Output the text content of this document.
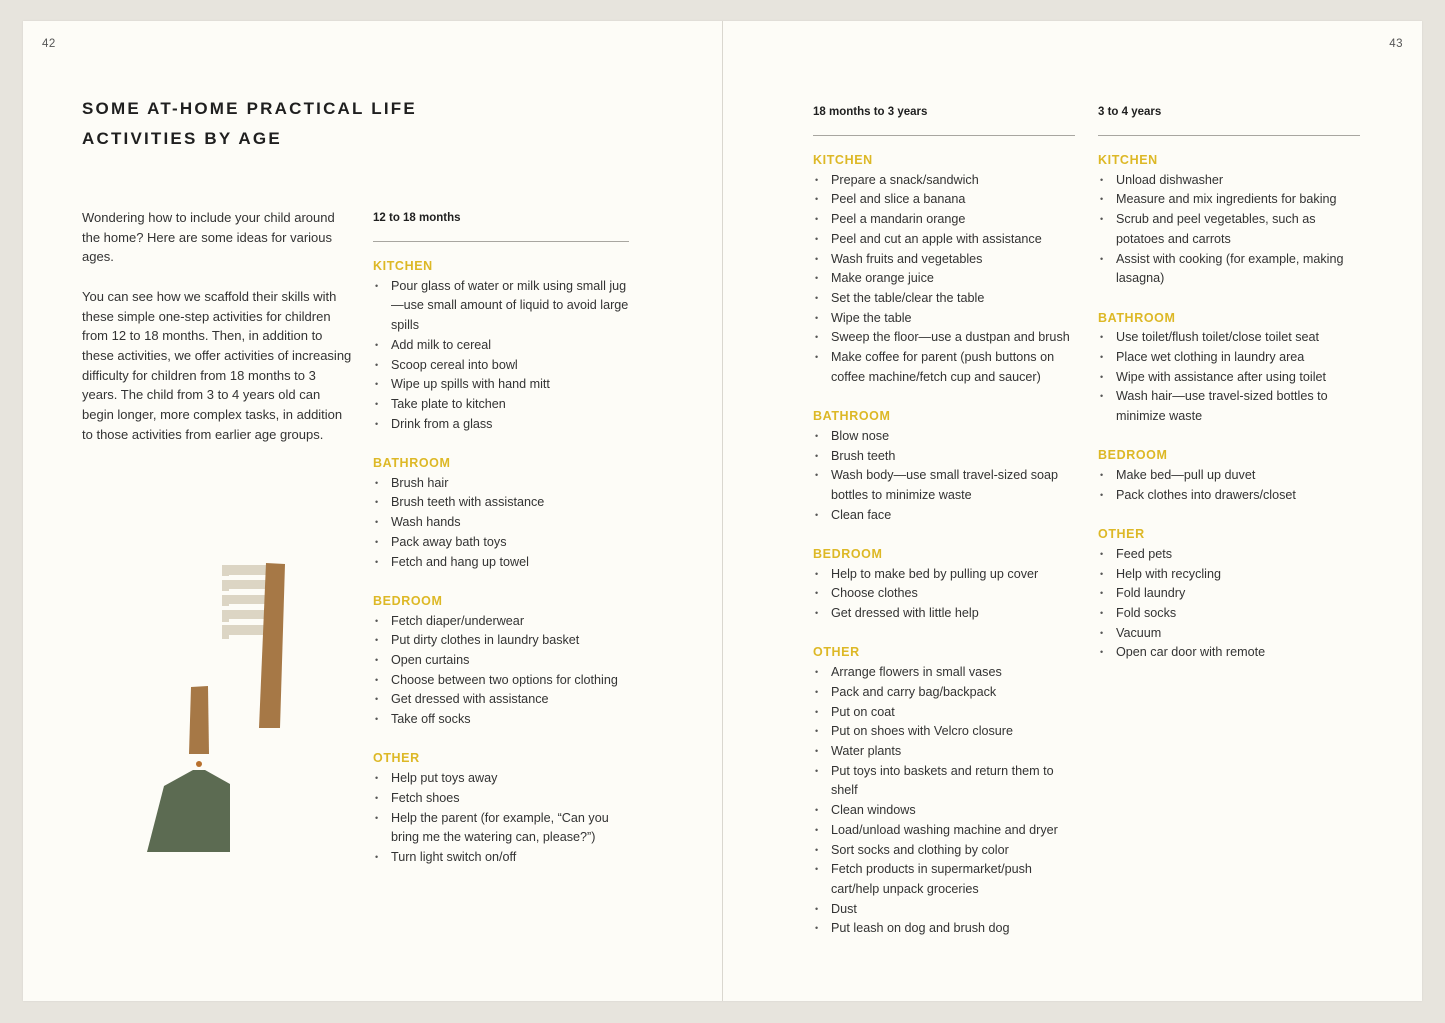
42	43
SOME AT-HOME PRACTICAL LIFE
ACTIVITIES BY AGE

Wondering how to include your child around the home? Here are some ideas for various ages.

You can see how we scaffold their skills with these simple one-step activities for children from 12 to 18 months. Then, in addition to these activities, we offer activities of increasing difficulty for children from 18 months to 3 years. The child from 3 to 4 years old can begin longer, more complex tasks, in addition to those activities from earlier age groups.

12 to 18 months
KITCHEN
• Pour glass of water or milk using small jug—use small amount of liquid to avoid large spills
• Add milk to cereal
• Scoop cereal into bowl
• Wipe up spills with hand mitt
• Take plate to kitchen
• Drink from a glass
BATHROOM
• Brush hair
• Brush teeth with assistance
• Wash hands
• Pack away bath toys
• Fetch and hang up towel
BEDROOM
• Fetch diaper/underwear
• Put dirty clothes in laundry basket
• Open curtains
• Choose between two options for clothing
• Get dressed with assistance
• Take off socks
OTHER
• Help put toys away
• Fetch shoes
• Help the parent (for example, “Can you bring me the watering can, please?”)
• Turn light switch on/off
18 months to 3 years
KITCHEN
• Prepare a snack/sandwich
• Peel and slice a banana
• Peel a mandarin orange
• Peel and cut an apple with assistance
• Wash fruits and vegetables
• Make orange juice
• Set the table/clear the table
• Wipe the table
• Sweep the floor—use a dustpan and brush
• Make coffee for parent (push buttons on coffee machine/fetch cup and saucer)
BATHROOM
• Blow nose
• Brush teeth
• Wash body—use small travel-sized soap bottles to minimize waste
• Clean face
BEDROOM
• Help to make bed by pulling up cover
• Choose clothes
• Get dressed with little help
OTHER
• Arrange flowers in small vases
• Pack and carry bag/backpack
• Put on coat
• Put on shoes with Velcro closure
• Water plants
• Put toys into baskets and return them to shelf
• Clean windows
• Load/unload washing machine and dryer
• Sort socks and clothing by color
• Fetch products in supermarket/push cart/help unpack groceries
• Dust
• Put leash on dog and brush dog
3 to 4 years
KITCHEN
• Unload dishwasher
• Measure and mix ingredients for baking
• Scrub and peel vegetables, such as potatoes and carrots
• Assist with cooking (for example, making lasagna)
BATHROOM
• Use toilet/flush toilet/close toilet seat
• Place wet clothing in laundry area
• Wipe with assistance after using toilet
• Wash hair—use travel-sized bottles to minimize waste
BEDROOM
• Make bed—pull up duvet
• Pack clothes into drawers/closet
OTHER
• Feed pets
• Help with recycling
• Fold laundry
• Fold socks
• Vacuum
• Open car door with remote
